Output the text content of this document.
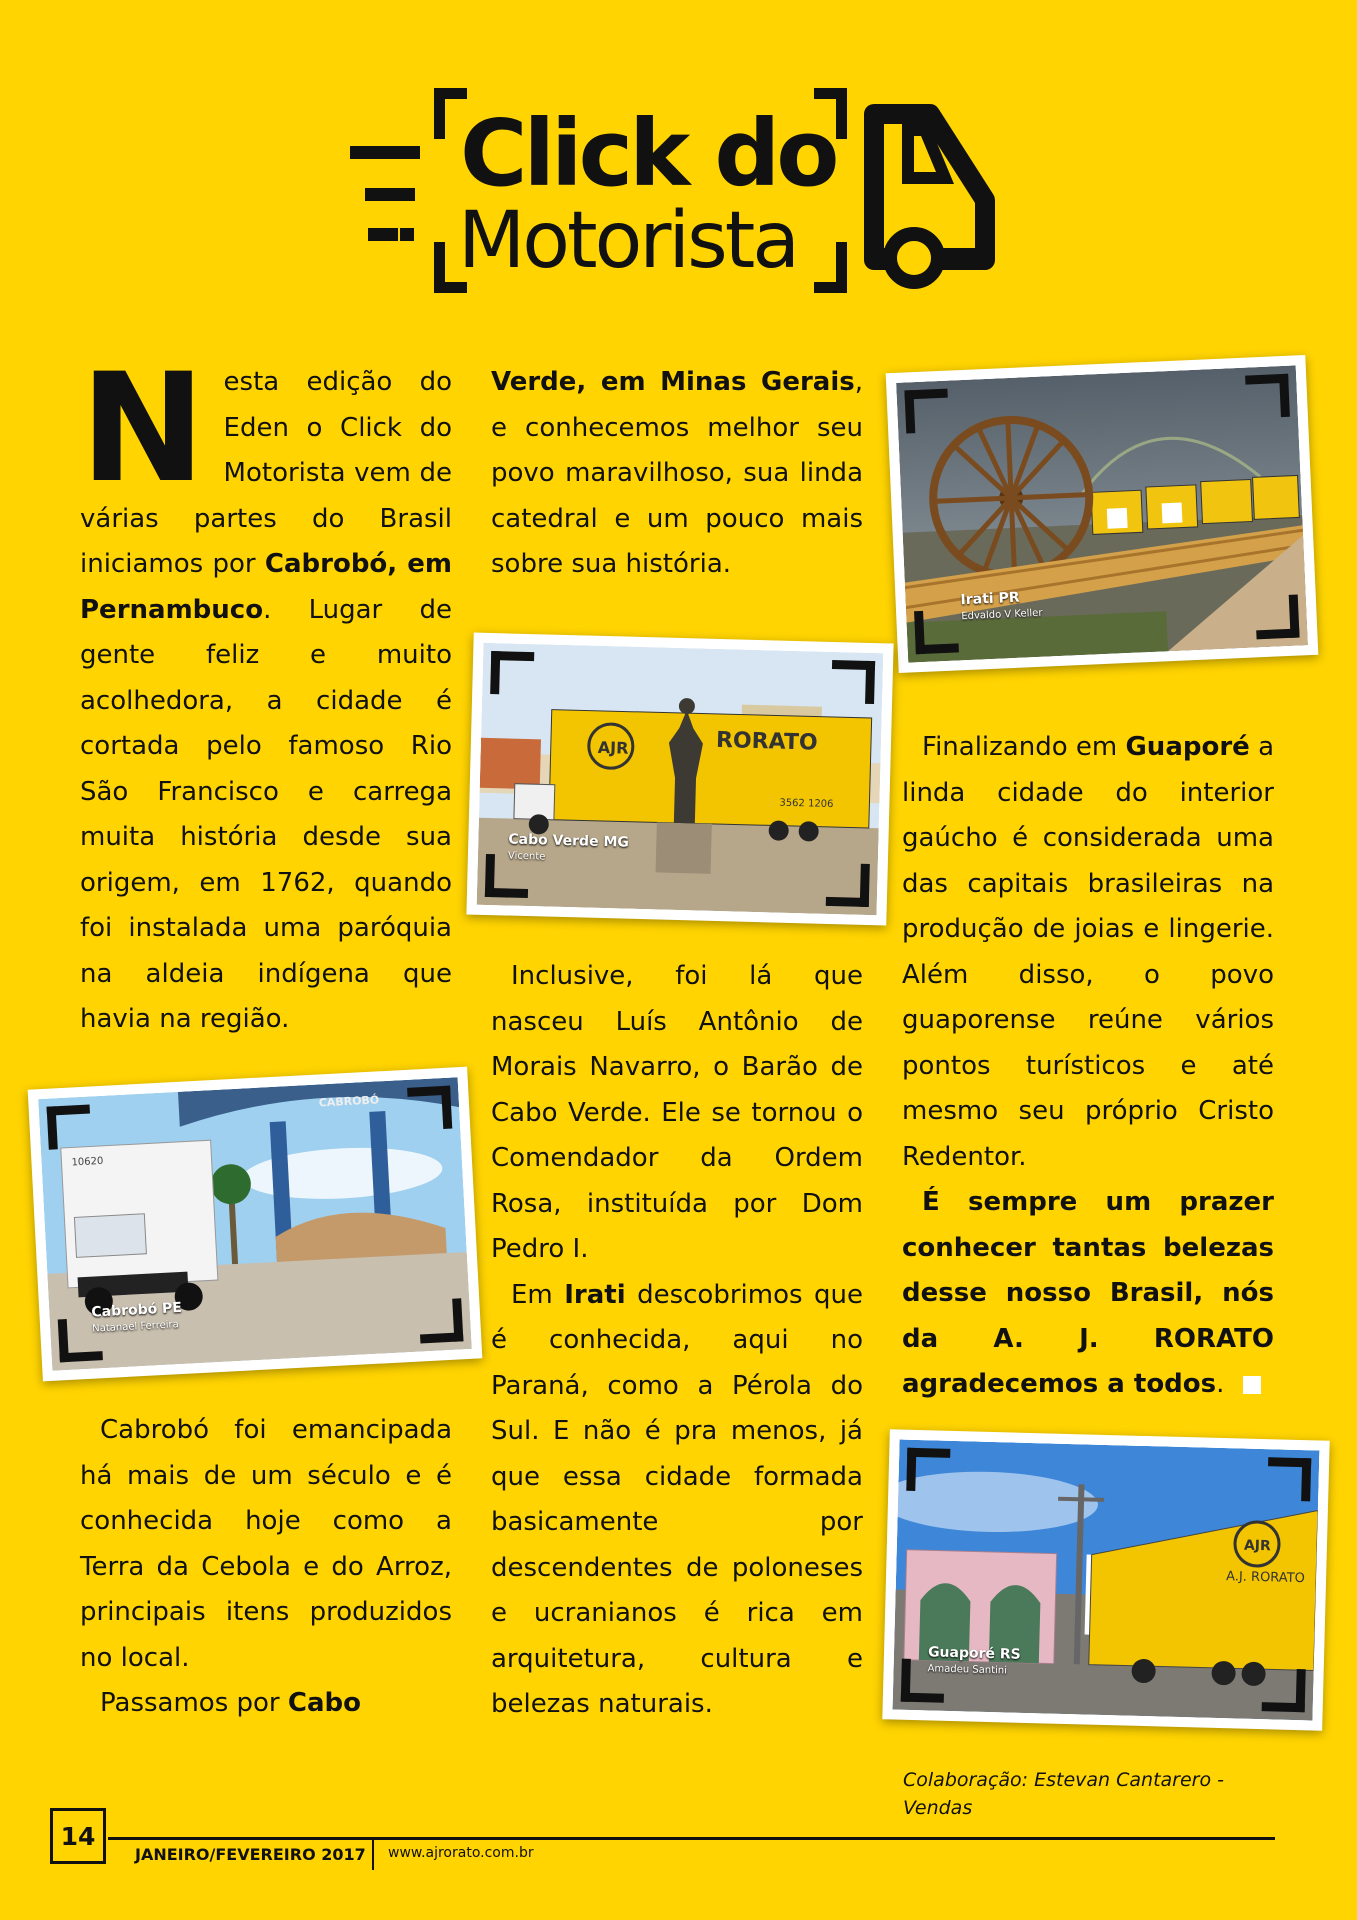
Click do
Motorista

Nesta edição do Eden o Click do Motorista vem de várias partes do Brasil iniciamos por Cabrobó, em Pernambuco. Lugar de gente feliz e muito acolhedora, a cidade é cortada pelo famoso Rio São Francisco e carrega muita história desde sua origem, em 1762, quando foi instalada uma paróquia na aldeia indígena que havia na região.

Cabrobó foi emancipada há mais de um século e é conhecida hoje como a Terra da Cebola e do Arroz, principais itens produzidos no local.

Passamos por Cabo

Verde, em Minas Gerais, e conhecemos melhor seu povo maravilhoso, sua linda catedral e um pouco mais sobre sua história.

Inclusive, foi lá que nasceu Luís Antônio de Morais Navarro, o Barão de Cabo Verde. Ele se tornou o Comendador da Ordem Rosa, instituída por Dom Pedro I.

Em Irati descobrimos que é conhecida, aqui no Paraná, como a Pérola do Sul. E não é pra menos, já que essa cidade formada basicamente por descendentes de poloneses e ucranianos é rica em arquitetura, cultura e belezas naturais.

Finalizando em Guaporé a linda cidade do interior gaúcho é considerada uma das capitais brasileiras na produção de joias e lingerie. Além disso, o povo guaporense reúne vários pontos turísticos e até mesmo seu próprio Cristo Redentor.

É sempre um prazer conhecer tantas belezas desse nosso Brasil, nós da A. J. RORATO agradecemos a todos.

Irati PR
Edvaldo V Keller
AJR	RORATO
3562 1206
Cabo Verde MG
Vicente
CABROBÓ
10620
Cabrobó PE
Natanael Ferreira
AJR
A.J. RORATO
Guaporé RS
Amadeu Santini
Colaboração: Estevan Cantarero - Vendas
14
JANEIRO/FEVEREIRO 2017 www.ajrorato.com.br
